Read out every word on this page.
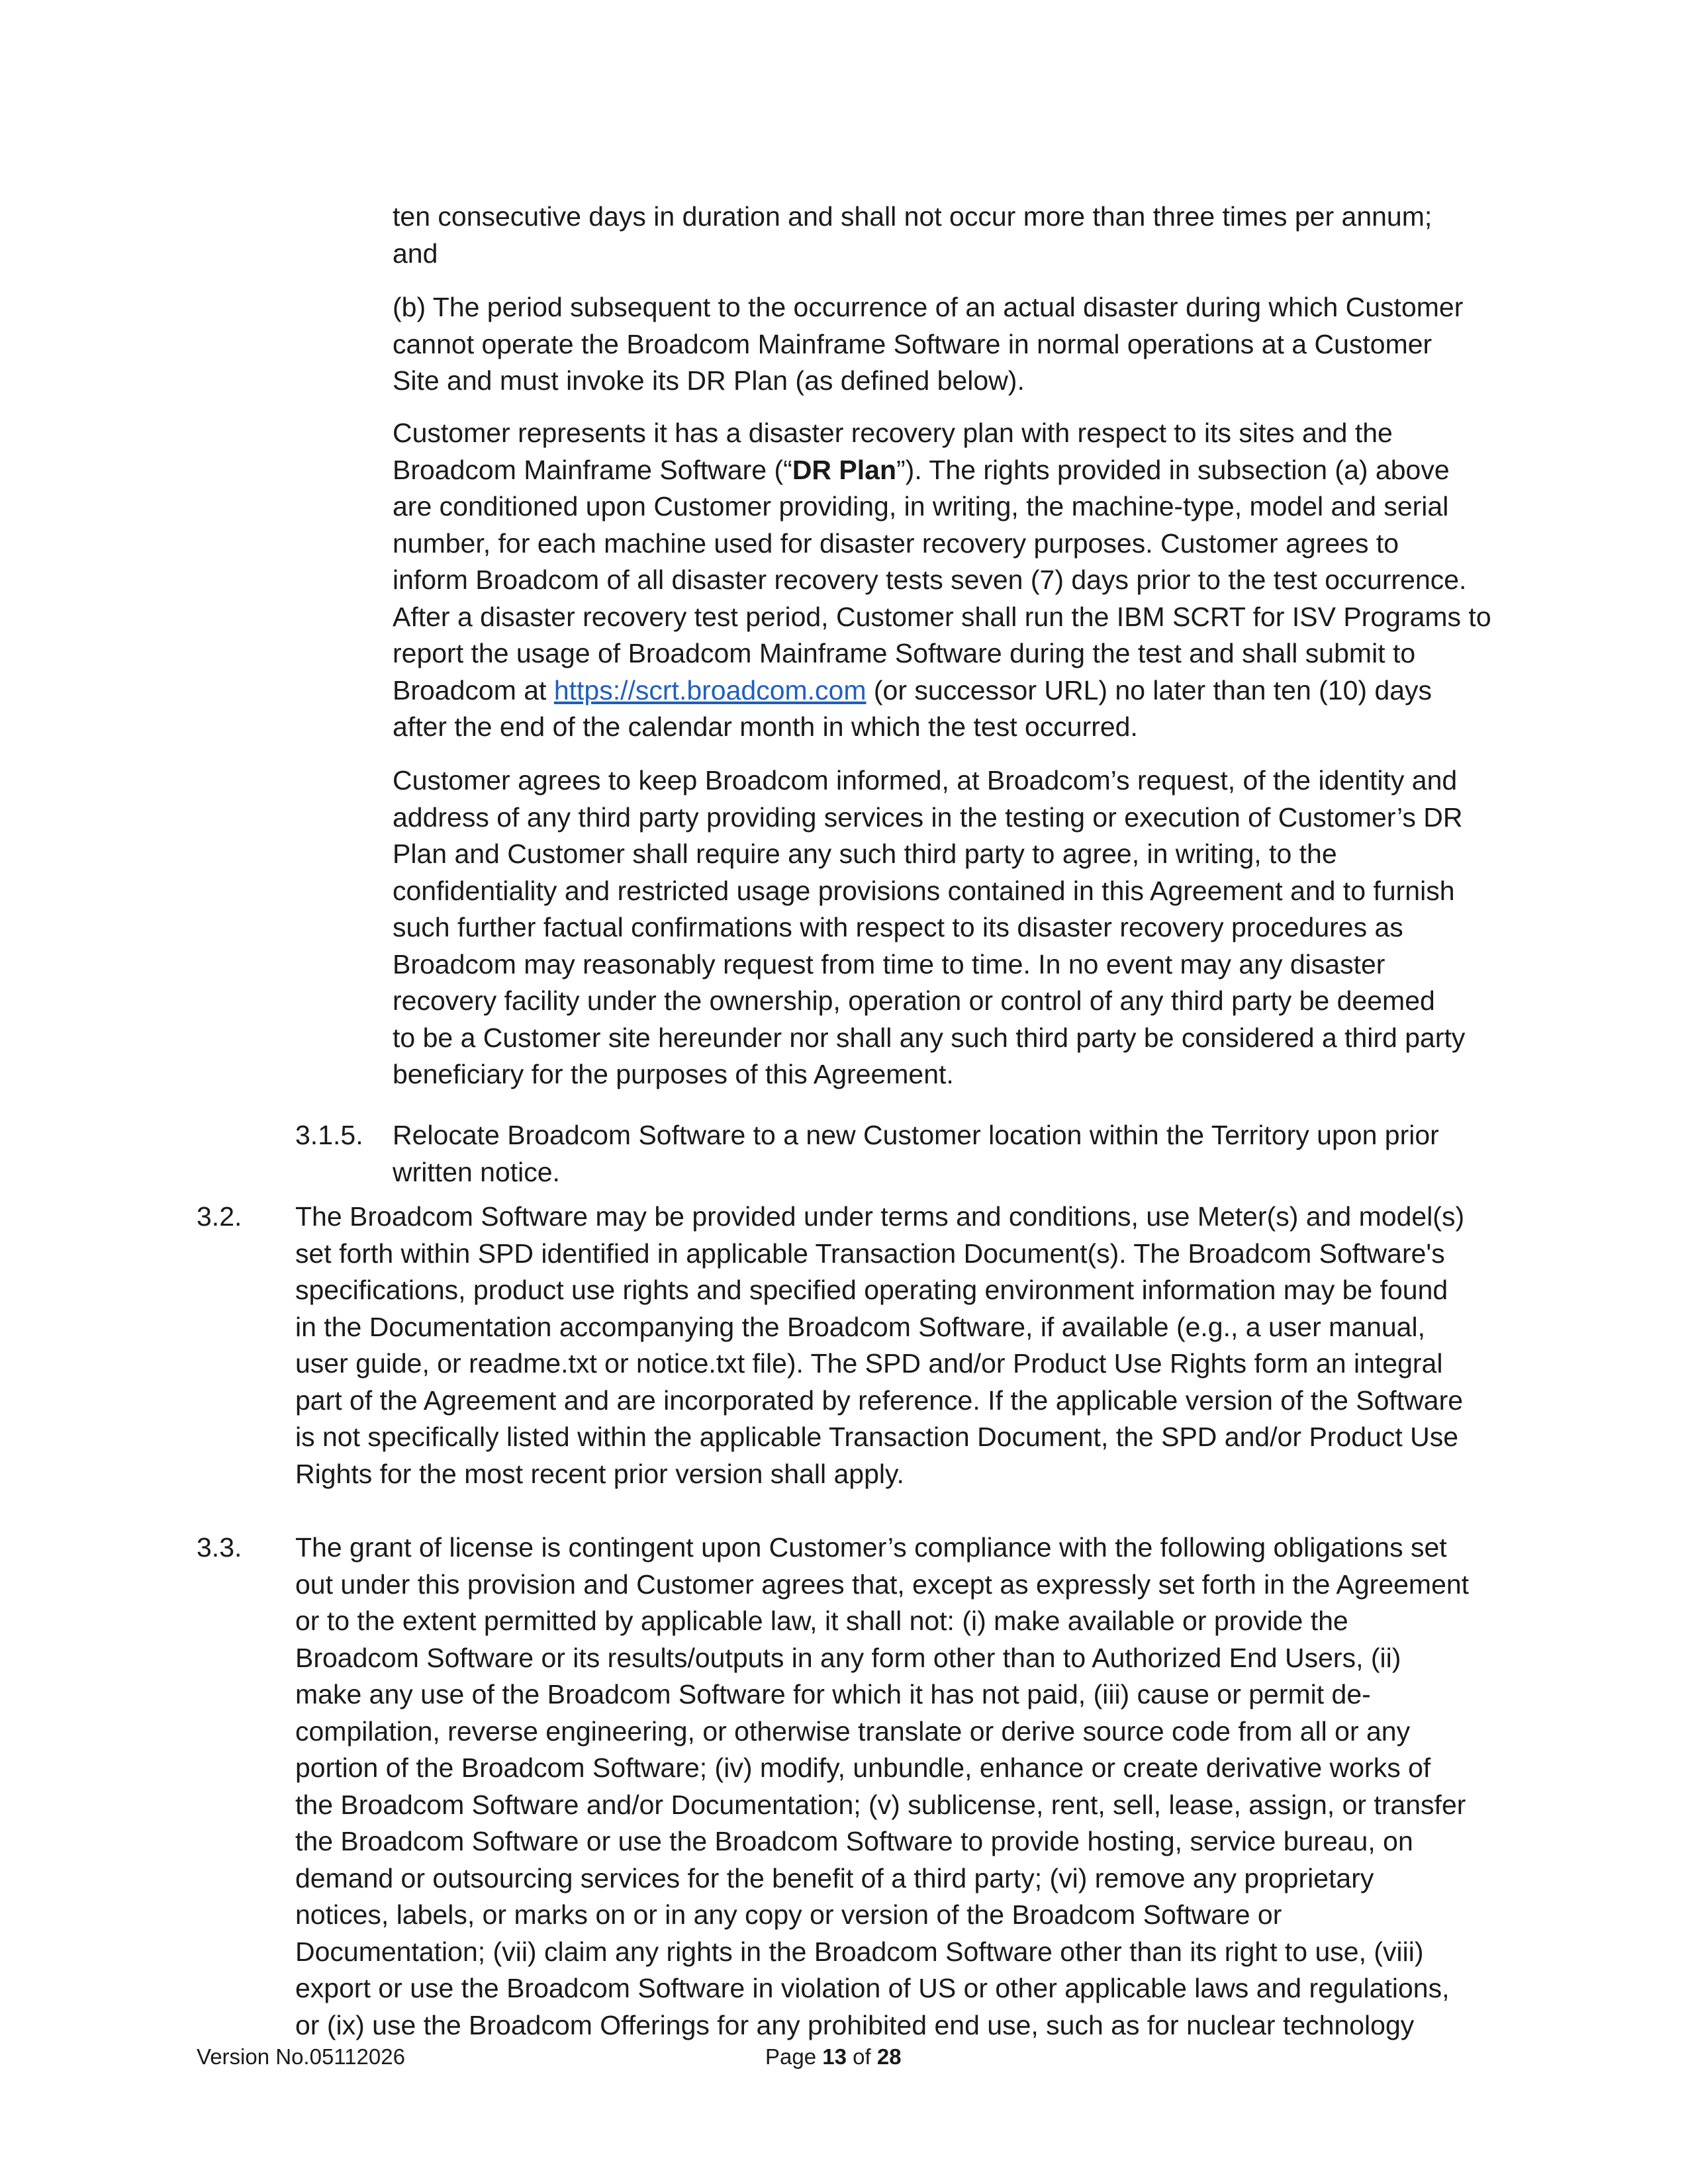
ten consecutive days in duration and shall not occur more than three times per annum;
and

(b) The period subsequent to the occurrence of an actual disaster during which Customer
cannot operate the Broadcom Mainframe Software in normal operations at a Customer
Site and must invoke its DR Plan (as defined below).

Customer represents it has a disaster recovery plan with respect to its sites and the
Broadcom Mainframe Software (“DR Plan”). The rights provided in subsection (a) above
are conditioned upon Customer providing, in writing, the machine-type, model and serial
number, for each machine used for disaster recovery purposes. Customer agrees to
inform Broadcom of all disaster recovery tests seven (7) days prior to the test occurrence.
After a disaster recovery test period, Customer shall run the IBM SCRT for ISV Programs to
report the usage of Broadcom Mainframe Software during the test and shall submit to
Broadcom at https://scrt.broadcom.com (or successor URL) no later than ten (10) days
after the end of the calendar month in which the test occurred.

Customer agrees to keep Broadcom informed, at Broadcom’s request, of the identity and
address of any third party providing services in the testing or execution of Customer’s DR
Plan and Customer shall require any such third party to agree, in writing, to the
confidentiality and restricted usage provisions contained in this Agreement and to furnish
such further factual confirmations with respect to its disaster recovery procedures as
Broadcom may reasonably request from time to time. In no event may any disaster
recovery facility under the ownership, operation or control of any third party be deemed
to be a Customer site hereunder nor shall any such third party be considered a third party
beneficiary for the purposes of this Agreement.

3.1.5. Relocate Broadcom Software to a new Customer location within the Territory upon prior
written notice.

3.2. The Broadcom Software may be provided under terms and conditions, use Meter(s) and model(s)
set forth within SPD identified in applicable Transaction Document(s). The Broadcom Software's
specifications, product use rights and specified operating environment information may be found
in the Documentation accompanying the Broadcom Software, if available (e.g., a user manual,
user guide, or readme.txt or notice.txt file). The SPD and/or Product Use Rights form an integral
part of the Agreement and are incorporated by reference. If the applicable version of the Software
is not specifically listed within the applicable Transaction Document, the SPD and/or Product Use
Rights for the most recent prior version shall apply.

3.3. The grant of license is contingent upon Customer’s compliance with the following obligations set
out under this provision and Customer agrees that, except as expressly set forth in the Agreement
or to the extent permitted by applicable law, it shall not: (i) make available or provide the
Broadcom Software or its results/outputs in any form other than to Authorized End Users, (ii)
make any use of the Broadcom Software for which it has not paid, (iii) cause or permit de-
compilation, reverse engineering, or otherwise translate or derive source code from all or any
portion of the Broadcom Software; (iv) modify, unbundle, enhance or create derivative works of
the Broadcom Software and/or Documentation; (v) sublicense, rent, sell, lease, assign, or transfer
the Broadcom Software or use the Broadcom Software to provide hosting, service bureau, on
demand or outsourcing services for the benefit of a third party; (vi) remove any proprietary
notices, labels, or marks on or in any copy or version of the Broadcom Software or
Documentation; (vii) claim any rights in the Broadcom Software other than its right to use, (viii)
export or use the Broadcom Software in violation of US or other applicable laws and regulations,
or (ix) use the Broadcom Offerings for any prohibited end use, such as for nuclear technology

Version No.05112026	Page 13 of 28
